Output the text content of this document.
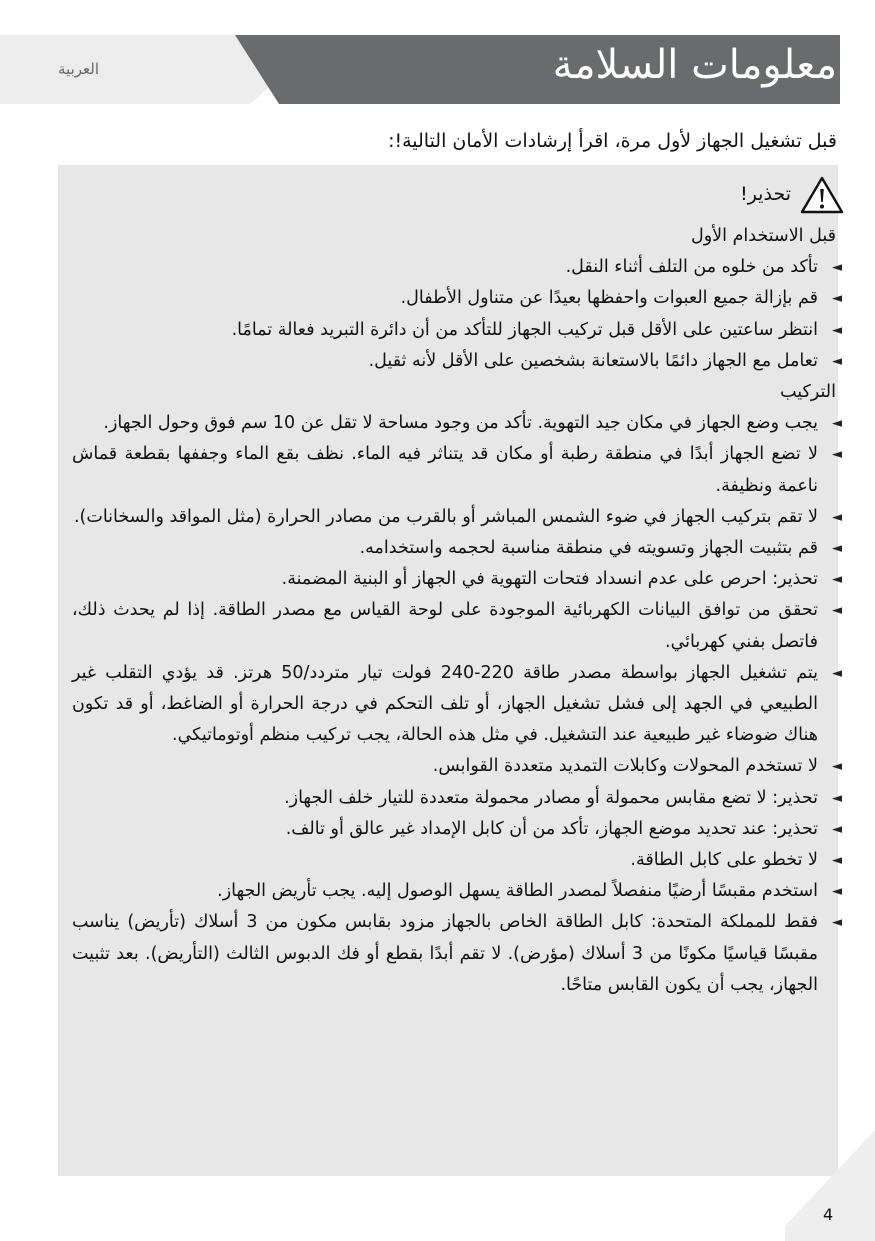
العربية	معلومات السلامة
قبل تشغيل الجهاز لأول مرة، اقرأ إرشادات الأمان التالية!:
تحذير!
قبل الاستخدام الأول
◄
تأكد من خلوه من التلف أثناء النقل.
◄
قم بإزالة جميع العبوات واحفظها بعيدًا عن متناول الأطفال.
◄
انتظر ساعتين على الأقل قبل تركيب الجهاز للتأكد من أن دائرة التبريد فعالة تمامًا.
◄
تعامل مع الجهاز دائمًا بالاستعانة بشخصين على الأقل لأنه ثقيل.
التركيب
◄
يجب وضع الجهاز في مكان جيد التهوية. تأكد من وجود مساحة لا تقل عن 10 سم فوق وحول الجهاز.
◄
لا تضع الجهاز أبدًا في منطقة رطبة أو مكان قد يتناثر فيه الماء. نظف بقع الماء وجففها بقطعة قماش ناعمة ونظيفة.
◄
لا تقم بتركيب الجهاز في ضوء الشمس المباشر أو بالقرب من مصادر الحرارة (مثل المواقد والسخانات).
◄
قم بتثبيت الجهاز وتسويته في منطقة مناسبة لحجمه واستخدامه.
◄
تحذير: احرص على عدم انسداد فتحات التهوية في الجهاز أو البنية المضمنة.
◄
تحقق من توافق البيانات الكهربائية الموجودة على لوحة القياس مع مصدر الطاقة. إذا لم يحدث ذلك، فاتصل بفني كهربائي.
◄
يتم تشغيل الجهاز بواسطة مصدر طاقة 220-240 فولت تيار متردد/50 هرتز. قد يؤدي التقلب غير الطبيعي في الجهد إلى فشل تشغيل الجهاز، أو تلف التحكم في درجة الحرارة أو الضاغط، أو قد تكون هناك ضوضاء غير طبيعية عند التشغيل. في مثل هذه الحالة، يجب تركيب منظم أوتوماتيكي.
◄
لا تستخدم المحولات وكابلات التمديد متعددة القوابس.
◄
تحذير: لا تضع مقابس محمولة أو مصادر محمولة متعددة للتيار خلف الجهاز.
◄
تحذير: عند تحديد موضع الجهاز، تأكد من أن كابل الإمداد غير عالق أو تالف.
◄
لا تخطو على كابل الطاقة.
◄
استخدم مقبسًا أرضيًا منفصلاً لمصدر الطاقة يسهل الوصول إليه. يجب تأريض الجهاز.
◄
فقط للمملكة المتحدة: كابل الطاقة الخاص بالجهاز مزود بقابس مكون من 3 أسلاك (تأريض) يناسب مقبسًا قياسيًا مكونًا من 3 أسلاك (مؤرض). لا تقم أبدًا بقطع أو فك الدبوس الثالث (التأريض). بعد تثبيت الجهاز، يجب أن يكون القابس متاحًا.
4
